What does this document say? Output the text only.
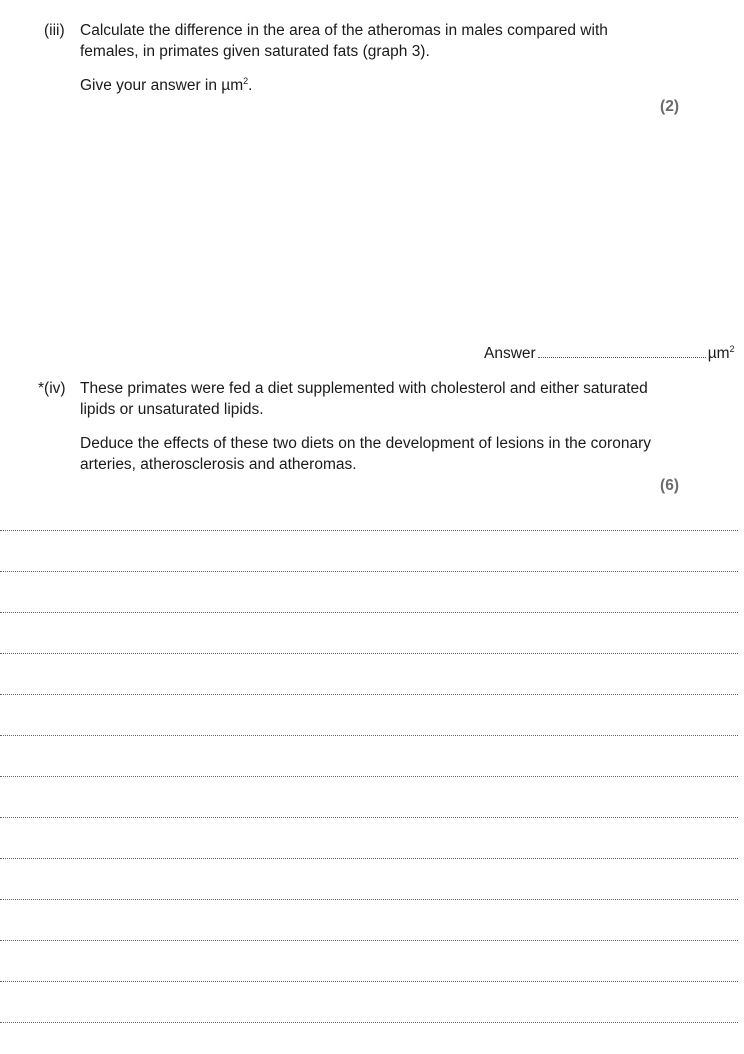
(iii) Calculate the difference in the area of the atheromas in males compared with females, in primates given saturated fats (graph 3).
Give your answer in µm$^2$.
(2)
Answer	µm$^2$
*(iv) These primates were fed a diet supplemented with cholesterol and either saturated lipids or unsaturated lipids.
Deduce the effects of these two diets on the development of lesions in the coronary arteries, atherosclerosis and atheromas.
(6)
